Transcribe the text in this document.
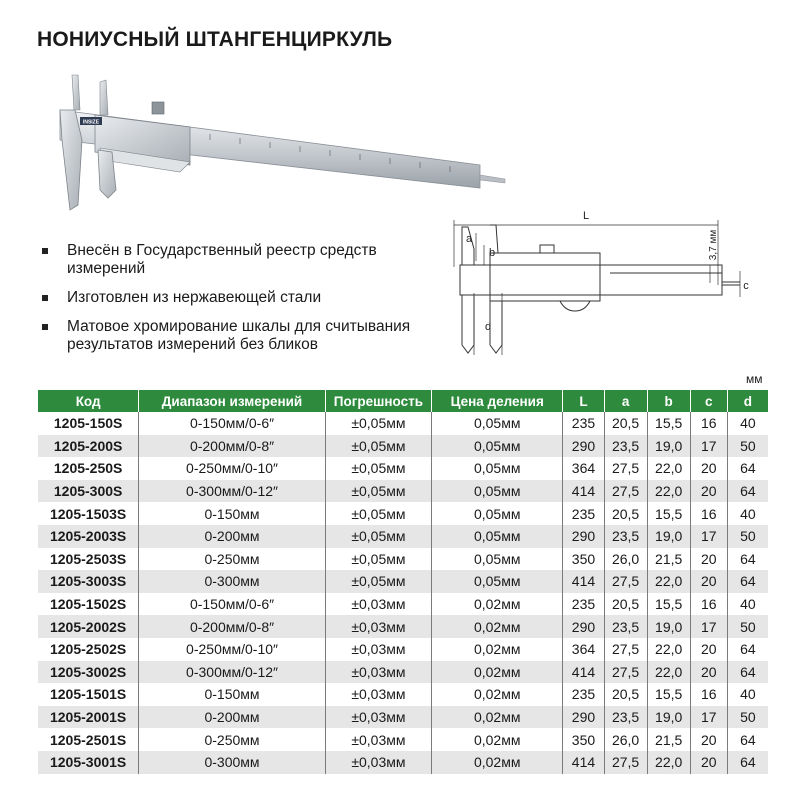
НОНИУСНЫЙ ШТАНГЕНЦИРКУЛЬ
INSIZE
L
a
b
c
d
3,7 мм
Внесён в Государственный реестр средств измерений
Изготовлен из нержавеющей стали
Матовое хромирование шкалы для считывания результатов измерений без бликов
мм
Код	Диапазон измерений	Погрешность	Цена деления	L	a	b	c	d
1205-150S	0-150мм/0-6″	±0,05мм	0,05мм	235	20,5	15,5	16	40
1205-200S	0-200мм/0-8″	±0,05мм	0,05мм	290	23,5	19,0	17	50
1205-250S	0-250мм/0-10″	±0,05мм	0,05мм	364	27,5	22,0	20	64
1205-300S	0-300мм/0-12″	±0,05мм	0,05мм	414	27,5	22,0	20	64
1205-1503S	0-150мм	±0,05мм	0,05мм	235	20,5	15,5	16	40
1205-2003S	0-200мм	±0,05мм	0,05мм	290	23,5	19,0	17	50
1205-2503S	0-250мм	±0,05мм	0,05мм	350	26,0	21,5	20	64
1205-3003S	0-300мм	±0,05мм	0,05мм	414	27,5	22,0	20	64
1205-1502S	0-150мм/0-6″	±0,03мм	0,02мм	235	20,5	15,5	16	40
1205-2002S	0-200мм/0-8″	±0,03мм	0,02мм	290	23,5	19,0	17	50
1205-2502S	0-250мм/0-10″	±0,03мм	0,02мм	364	27,5	22,0	20	64
1205-3002S	0-300мм/0-12″	±0,03мм	0,02мм	414	27,5	22,0	20	64
1205-1501S	0-150мм	±0,03мм	0,02мм	235	20,5	15,5	16	40
1205-2001S	0-200мм	±0,03мм	0,02мм	290	23,5	19,0	17	50
1205-2501S	0-250мм	±0,03мм	0,02мм	350	26,0	21,5	20	64
1205-3001S	0-300мм	±0,03мм	0,02мм	414	27,5	22,0	20	64
